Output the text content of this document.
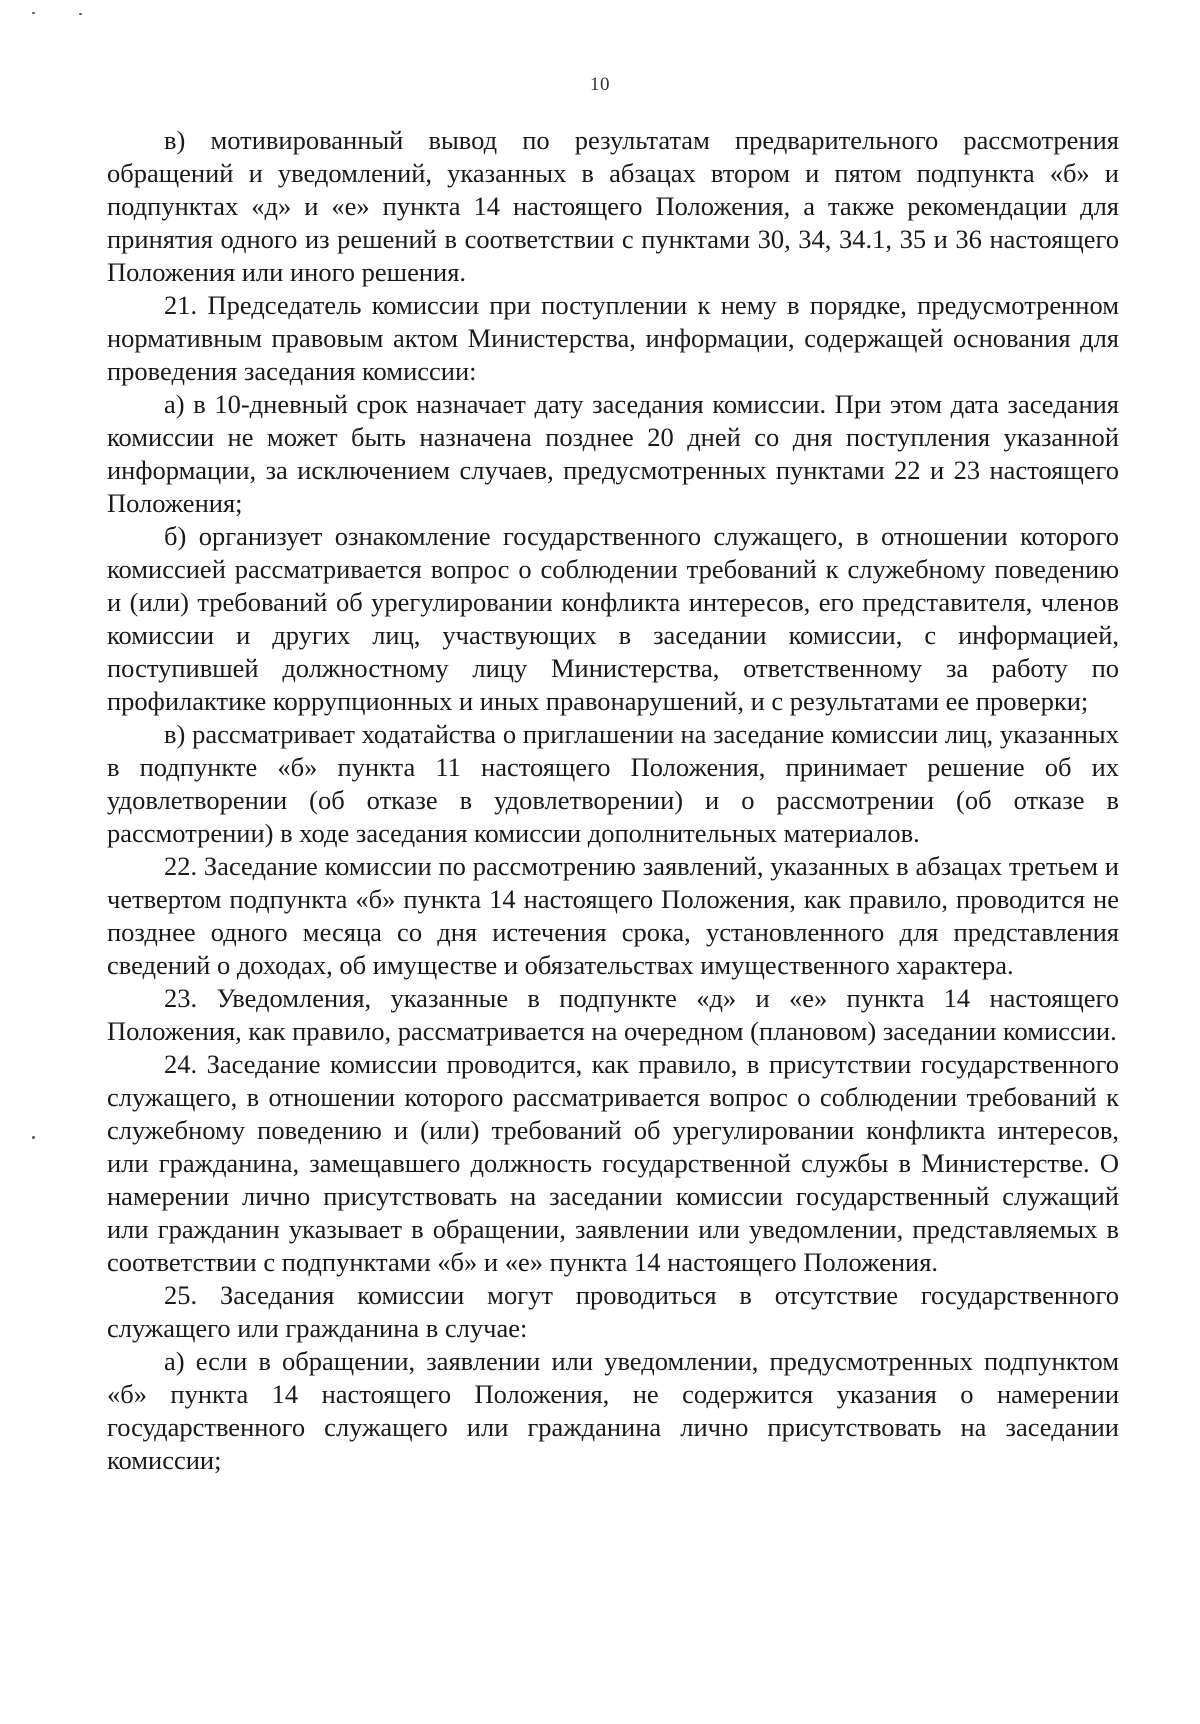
10

в) мотивированный вывод по результатам предварительного рассмотрения обращений и уведомлений, указанных в абзацах втором и пятом подпункта «б» и подпунктах «д» и «е» пункта 14 настоящего Положения, а также рекомендации для принятия одного из решений в соответствии с пунктами 30, 34, 34.1, 35 и 36 настоящего Положения или иного решения.

21. Председатель комиссии при поступлении к нему в порядке, предусмотренном нормативным правовым актом Министерства, информации, содержащей основания для проведения заседания комиссии:

а) в 10-дневный срок назначает дату заседания комиссии. При этом дата заседания комиссии не может быть назначена позднее 20 дней со дня поступления указанной информации, за исключением случаев, предусмотренных пунктами 22 и 23 настоящего Положения;

б) организует ознакомление государственного служащего, в отношении которого комиссией рассматривается вопрос о соблюдении требований к служебному поведению и (или) требований об урегулировании конфликта интересов, его представителя, членов комиссии и других лиц, участвующих в заседании комиссии, с информацией, поступившей должностному лицу Министерства, ответственному за работу по профилактике коррупционных и иных правонарушений, и с результатами ее проверки;

в) рассматривает ходатайства о приглашении на заседание комиссии лиц, указанных в подпункте «б» пункта 11 настоящего Положения, принимает решение об их удовлетворении (об отказе в удовлетворении) и о рассмотрении (об отказе в рассмотрении) в ходе заседания комиссии дополнительных материалов.

22. Заседание комиссии по рассмотрению заявлений, указанных в абзацах третьем и четвертом подпункта «б» пункта 14 настоящего Положения, как правило, проводится не позднее одного месяца со дня истечения срока, установленного для представления сведений о доходах, об имуществе и обязательствах имущественного характера.

23. Уведомления, указанные в подпункте «д» и «е» пункта 14 настоящего Положения, как правило, рассматривается на очередном (плановом) заседании комиссии.

24. Заседание комиссии проводится, как правило, в присутствии государственного служащего, в отношении которого рассматривается вопрос о соблюдении требований к служебному поведению и (или) требований об урегулировании конфликта интересов, или гражданина, замещавшего должность государственной службы в Министерстве. О намерении лично присутствовать на заседании комиссии государственный служащий или гражданин указывает в обращении, заявлении или уведомлении, представляемых в соответствии с подпунктами «б» и «е» пункта 14 настоящего Положения.

25. Заседания комиссии могут проводиться в отсутствие государственного служащего или гражданина в случае:

а) если в обращении, заявлении или уведомлении, предусмотренных подпунктом «б» пункта 14 настоящего Положения, не содержится указания о намерении государственного служащего или гражданина лично присутствовать на заседании комиссии;
